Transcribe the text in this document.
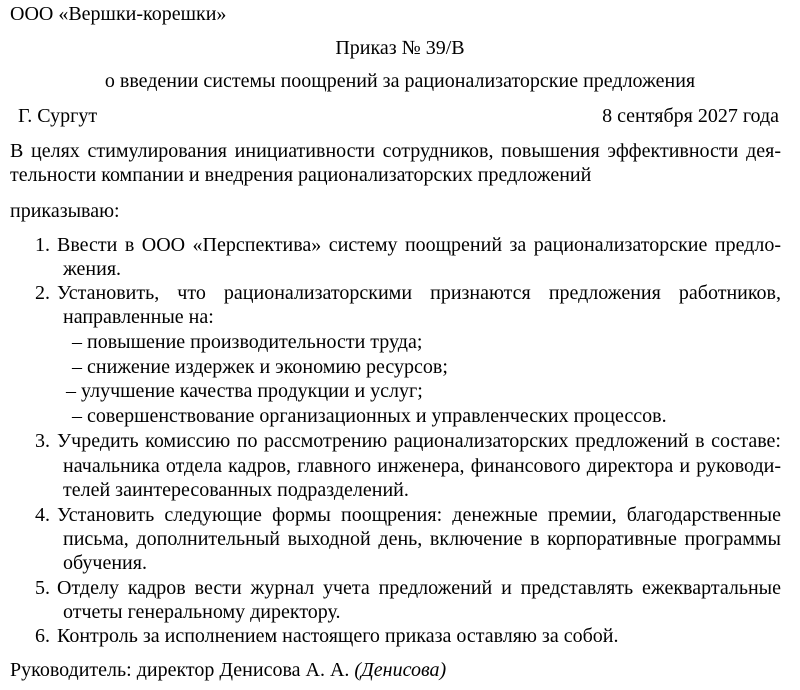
ООО «Вершки-корешки»
Приказ № 39/В
о введении системы поощрений за рационализаторские предложения
Г. Сургут	8 сентября 2027 года
В целях стимулирования инициативности сотрудников, повышения эффективности дея-
тельности компании и внедрения рационализаторских предложений
приказываю:
1. Ввести в ООО «Перспектива» систему поощрений за рационализаторские предло-
жения.
2. Установить, что рационализаторскими признаются предложения работников,
направленные на:
– повышение производительности труда;
– снижение издержек и экономию ресурсов;
– улучшение качества продукции и услуг;
– совершенствование организационных и управленческих процессов.
3. Учредить комиссию по рассмотрению рационализаторских предложений в составе:
начальника отдела кадров, главного инженера, финансового директора и руководи-
телей заинтересованных подразделений.
4. Установить следующие формы поощрения: денежные премии, благодарственные
письма, дополнительный выходной день, включение в корпоративные программы
обучения.
5. Отделу кадров вести журнал учета предложений и представлять ежеквартальные
отчеты генеральному директору.
6. Контроль за исполнением настоящего приказа оставляю за собой.
Руководитель: директор Денисова А. А. (Денисова)
